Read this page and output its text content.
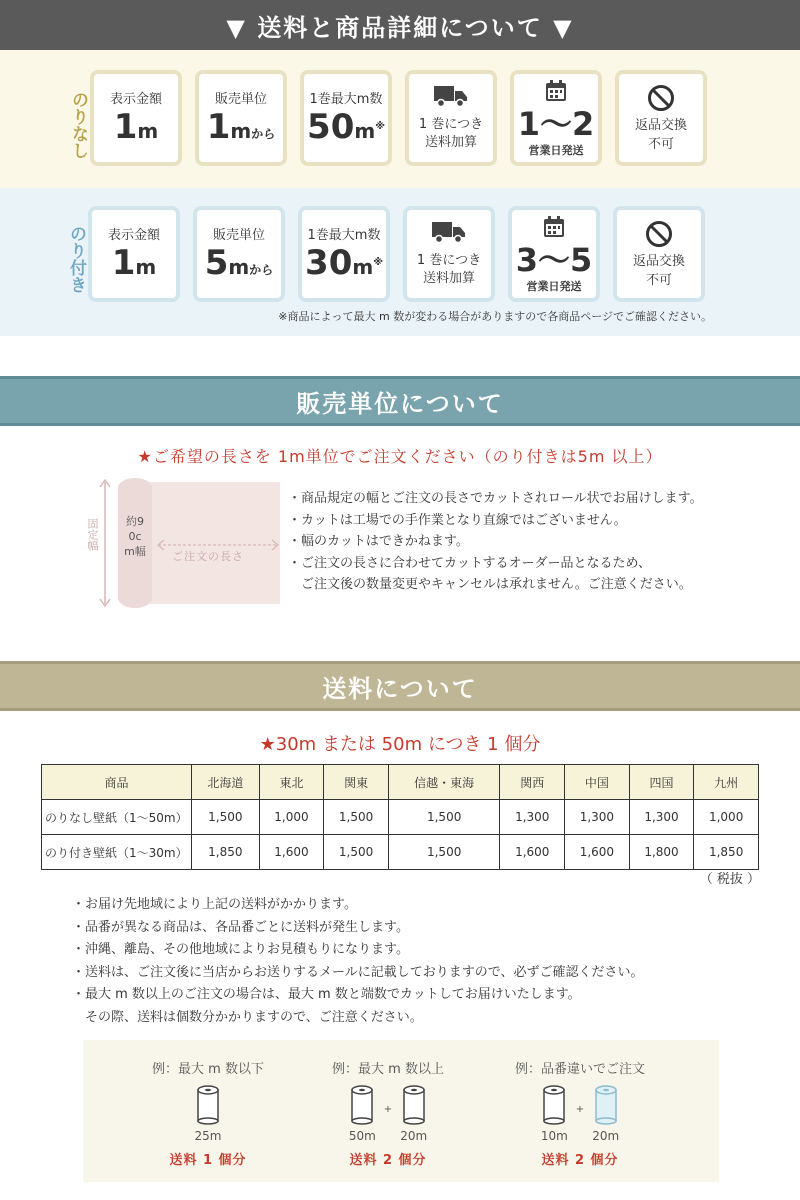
▼ 送料と商品詳細について ▼
のりなし	表示金額
1m
販売単位
1mから
1巻最大m数
50m※	1 巻につき
送料加算	1～2
営業日発送
返品交換
不可
のり付き	表示金額
1m
販売単位
5mから
1巻最大m数
30m※	1 巻につき
送料加算	3～5
営業日発送
返品交換
不可
※商品によって最大 m 数が変わる場合がありますので各商品ページでご確認ください。
販売単位について
★ご希望の長さを 1m単位でご注文ください（のり付きは5m 以上）
固定幅 約90cm幅	ご注文の長さ
・商品規定の幅とご注文の長さでカットされロール状でお届けします。
・カットは工場での手作業となり直線ではございません。
・幅のカットはできかねます。
・ご注文の長さに合わせてカットするオーダー品となるため、
　ご注文後の数量変更やキャンセルは承れません。ご注意ください。
送料について
★30m または 50m につき 1 個分
商品	北海道	東北	関東	信越・東海	関西	中国	四国	九州
のりなし壁紙（1～50m）	1,500	1,000	1,500	1,500	1,300	1,300	1,300	1,000
のり付き壁紙（1～30m）	1,850	1,600	1,500	1,500	1,600	1,600	1,800	1,850
（ 税抜 ）
・お届け先地域により上記の送料がかかります。
・品番が異なる商品は、各品番ごとに送料が発生します。
・沖縄、離島、その他地域によりお見積もりになります。
・送料は、ご注文後に当店からお送りするメールに記載しておりますので、必ずご確認ください。
・最大 m 数以上のご注文の場合は、最大 m 数と端数でカットしてお届けいたします。
　その際、送料は個数分かかりますので、ご注意ください。
例：最大 m 数以下
25m
送料 1 個分
例：最大 m 数以上
50m
+
20m
送料 2 個分
例：品番違いでご注文
10m
+
20m
送料 2 個分
